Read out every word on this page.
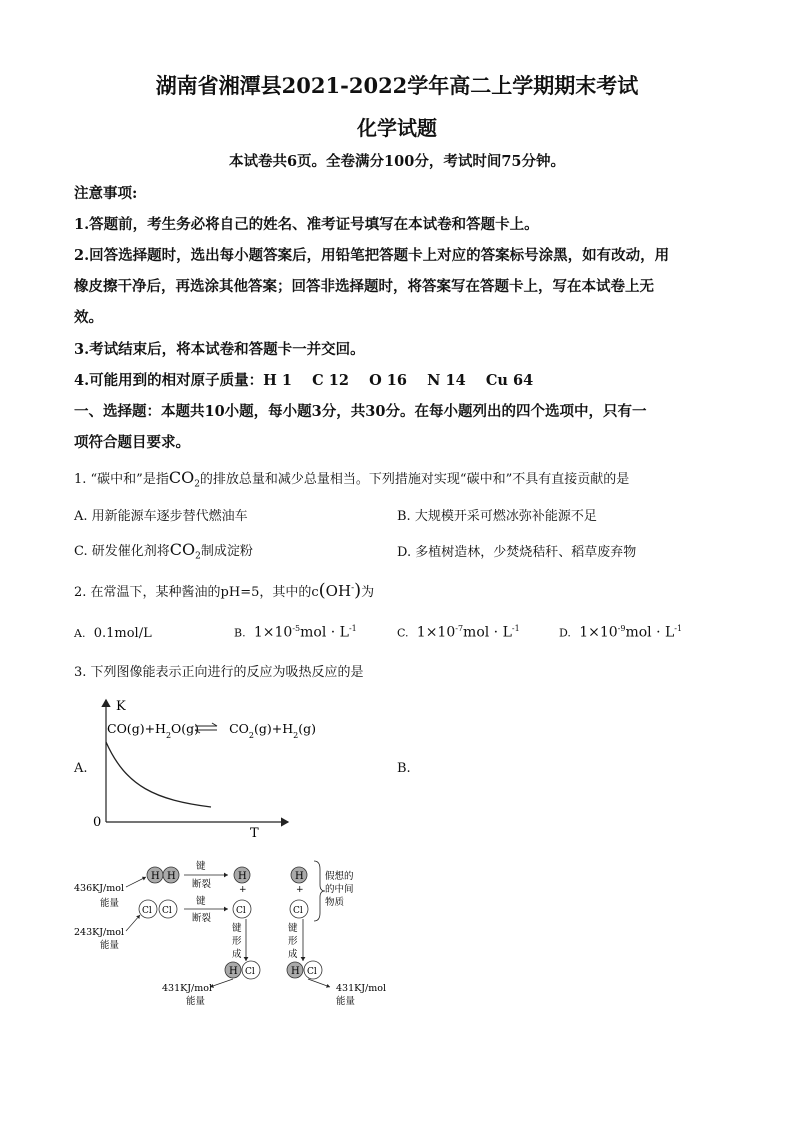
湖南省湘潭县2021-2022学年高二上学期期末考试
化学试题
本试卷共6页。全卷满分100分，考试时间75分钟。
注意事项:
1.答题前，考生务必将自己的姓名、准考证号填写在本试卷和答题卡上。
2.回答选择题时，选出每小题答案后，用铅笔把答题卡上对应的答案标号涂黑，如有改动，用
橡皮擦干净后，再选涂其他答案；回答非选择题时，将答案写在答题卡上，写在本试卷上无
效。
3.考试结束后，将本试卷和答题卡一并交回。
4.可能用到的相对原子质量：H 1    C 12    O 16    N 14    Cu 64
一、选择题：本题共10小题，每小题3分，共30分。在每小题列出的四个选项中，只有一
项符合题目要求。
1. “碳中和”是指$CO_2$的排放总量和减少总量相当。下列措施对实现“碳中和”不具有直接贡献的是
A. 用新能源车逐步替代燃油车	B. 大规模开采可燃冰弥补能源不足
C. 研发催化剂将$CO_2$制成淀粉	D. 多植树造林，少焚烧秸秆、稻草废弃物
2. 在常温下，某种酱油的pH=5，其中的c(OH-)为
A. 0.1mol/L	B. $1\times 10^{-5}mol \cdot L^{-1}$	C. $1\times 10^{-7}mol \cdot L^{-1}$	D. $1\times 10^{-9}mol \cdot L^{-1}$
3. 下列图像能表示正向进行的反应为吸热反应的是
A.	B.
K
T
0
$CO(g)+H_2O(g)$ $CO_2(g)+H_2(g)$
H H
Cl Cl
键
断裂
键
断裂
H
+
Cl
H
+
Cl
假想的
的中间
物质
键
形
成
键
形
成
H Cl	H Cl
436KJ/mol
能量
243KJ/mol
能量
431KJ/mol
能量
431KJ/mol
能量
